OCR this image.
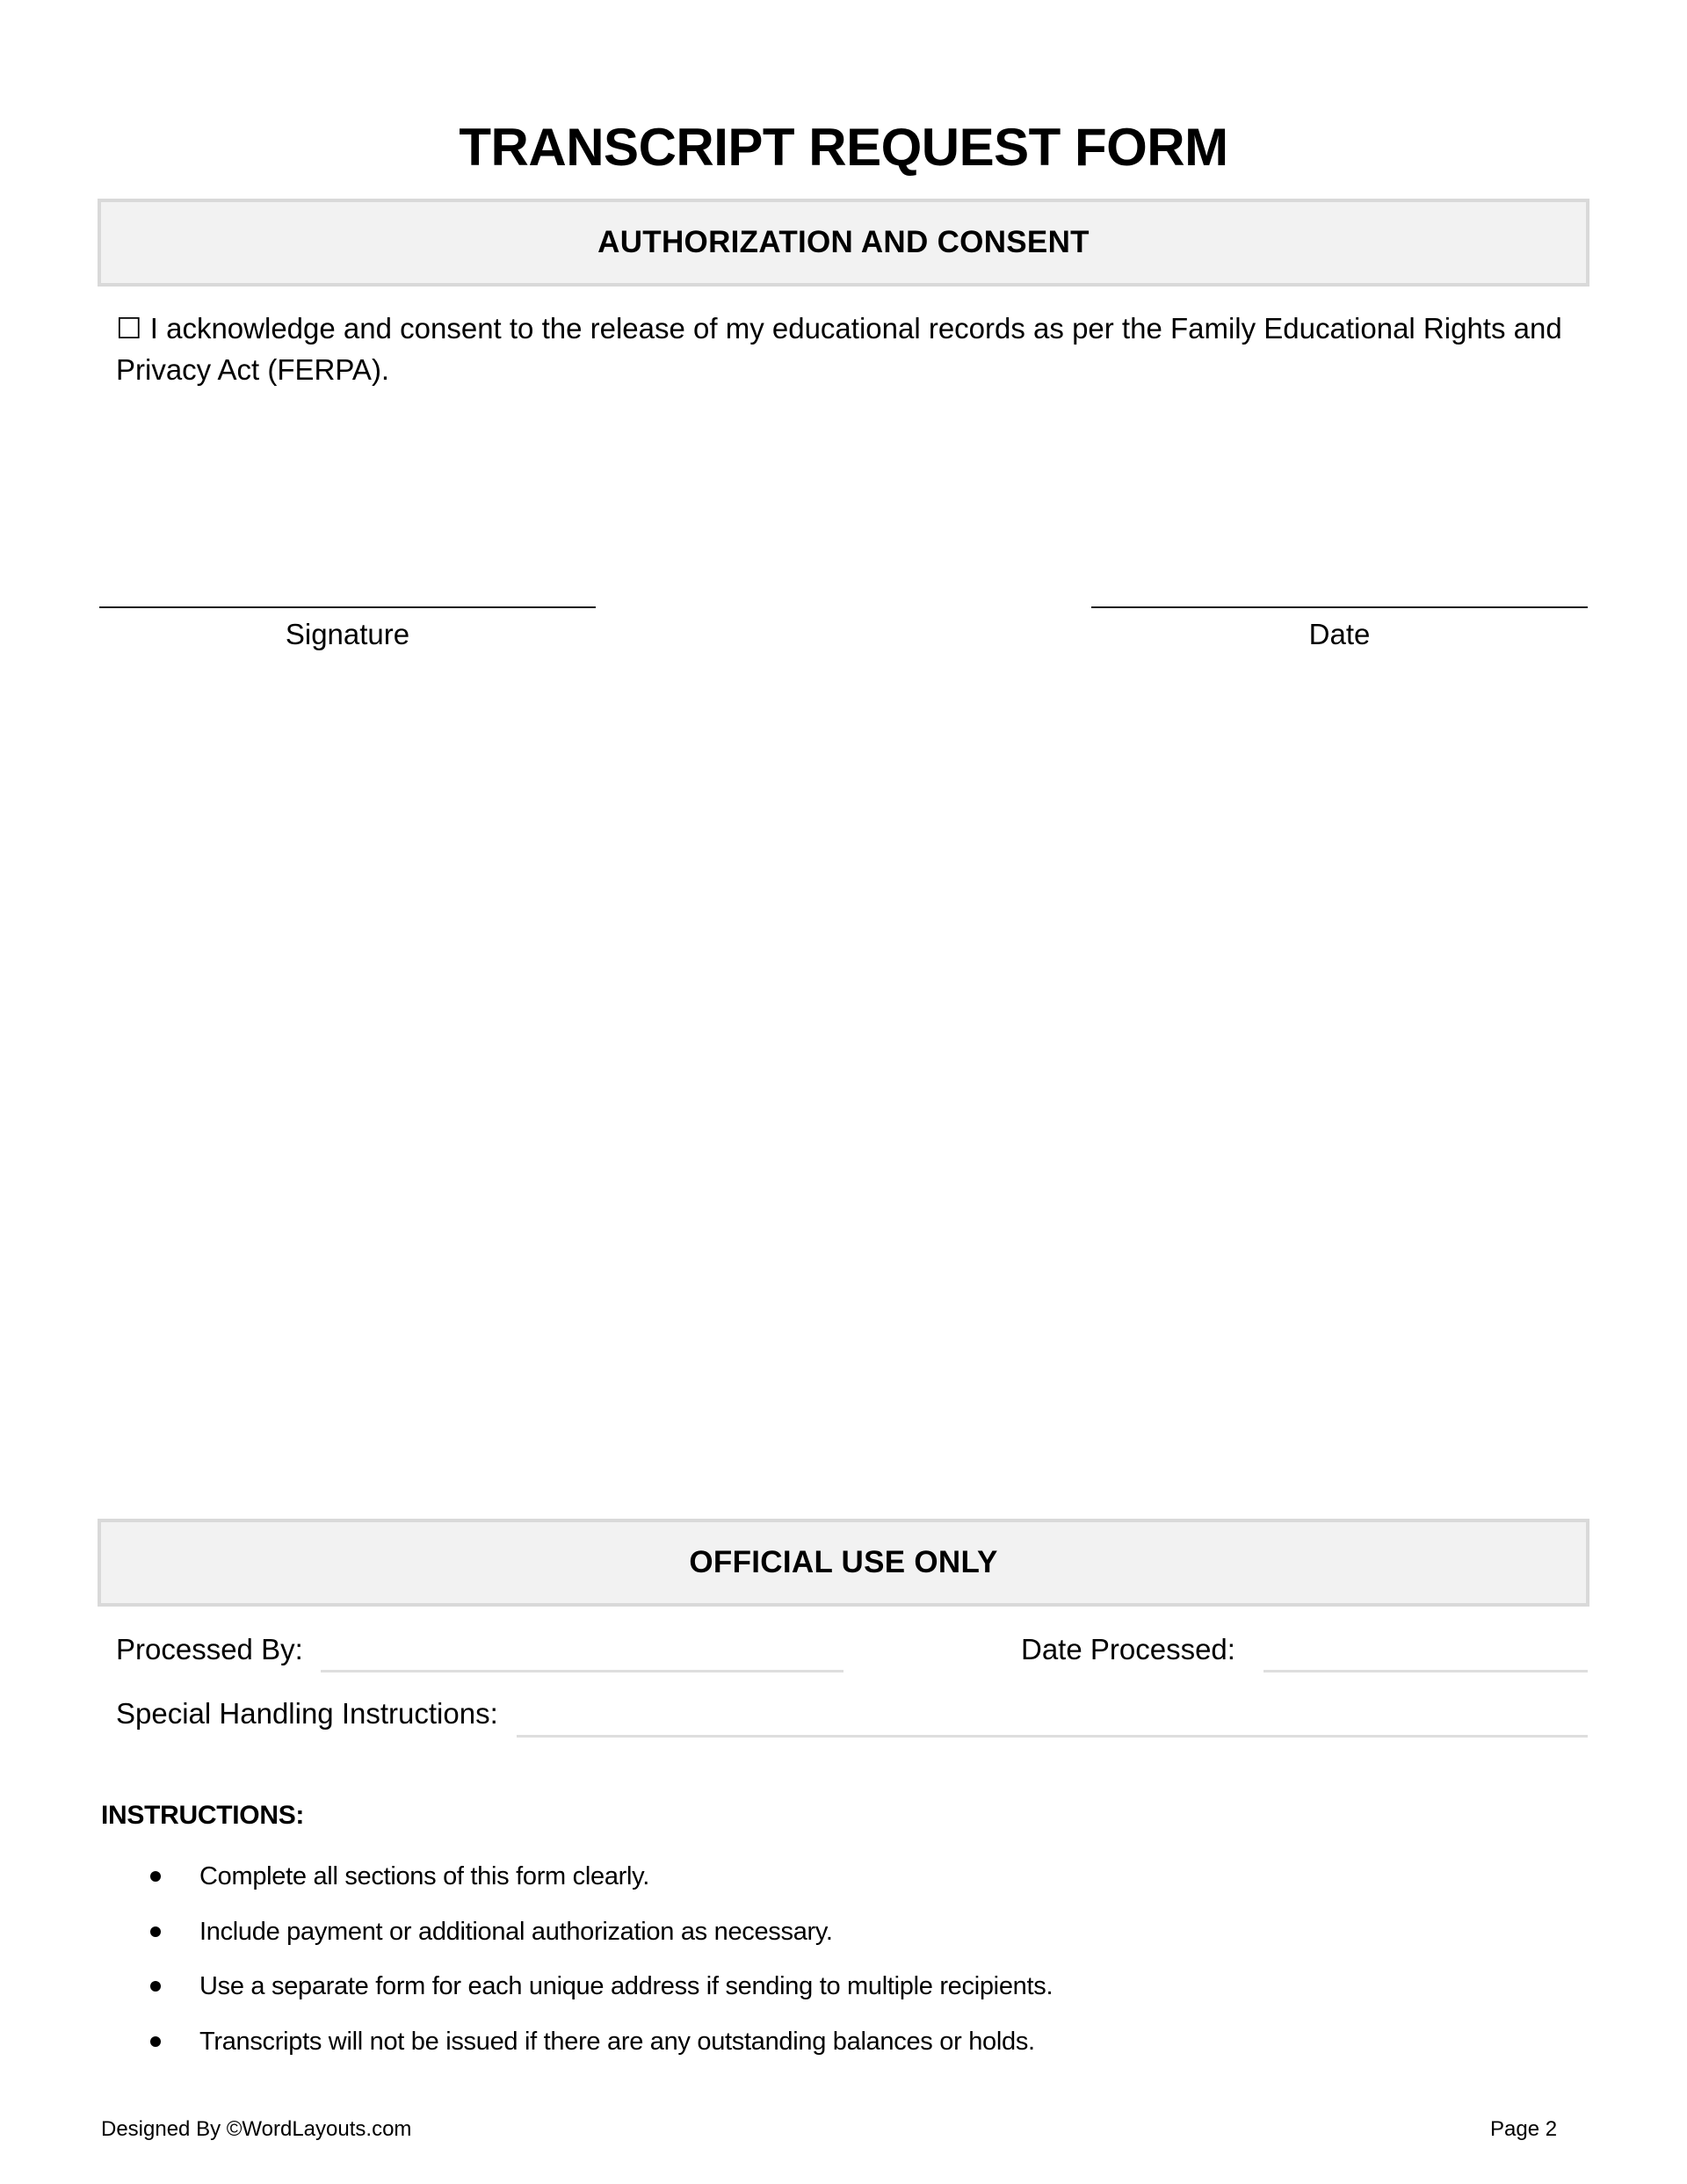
TRANSCRIPT REQUEST FORM
AUTHORIZATION AND CONSENT
☐ I acknowledge and consent to the release of my educational records as per the Family Educational Rights and Privacy Act (FERPA).
Signature	Date
OFFICIAL USE ONLY
Processed By:	Date Processed:
Special Handling Instructions:
INSTRUCTIONS:
Complete all sections of this form clearly.
Include payment or additional authorization as necessary.
Use a separate form for each unique address if sending to multiple recipients.
Transcripts will not be issued if there are any outstanding balances or holds.
Designed By ©WordLayouts.com	Page 2
